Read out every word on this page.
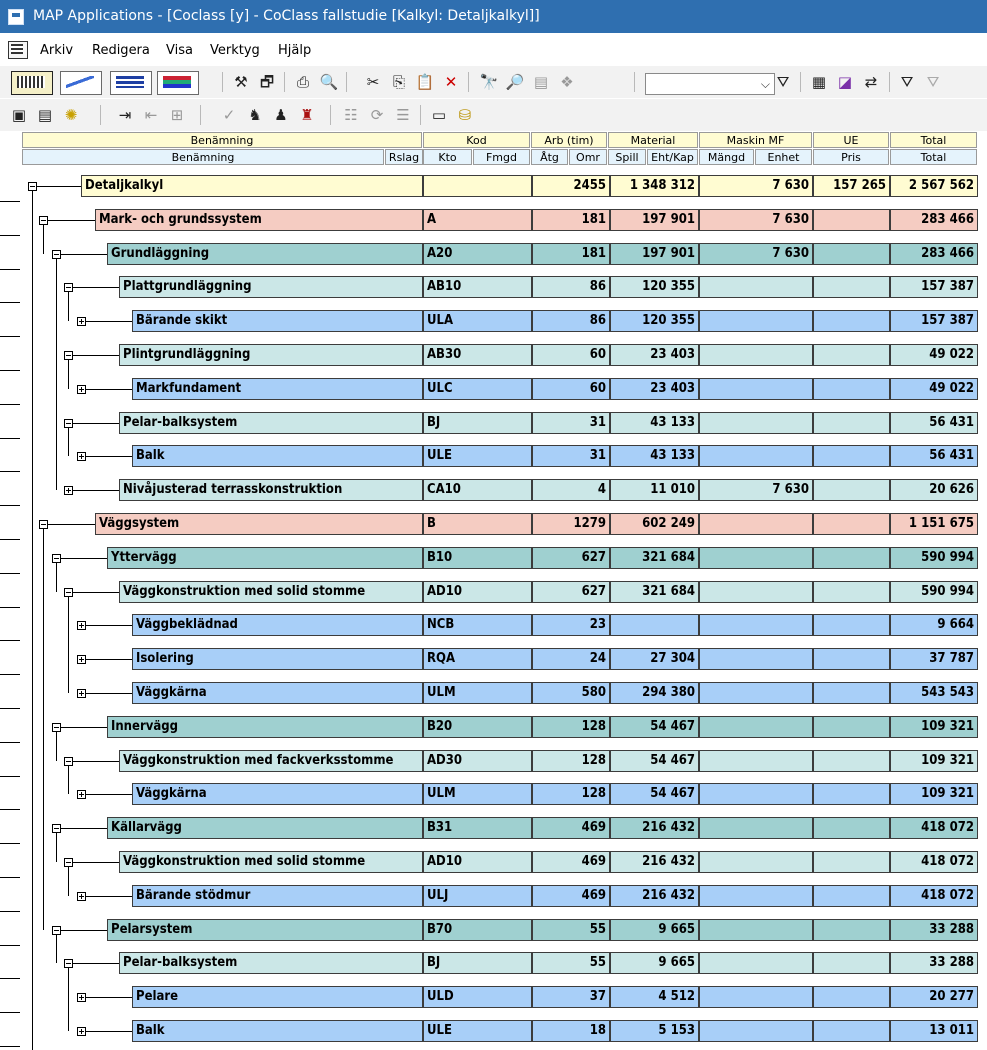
MAP Applications - [Coclass [y] - CoClass fallstudie [Kalkyl: Detaljkalkyl]]
Arkiv Redigera Visa Verktyg Hjälp
⚒ 🗗	⎙ 🔍	✂ ⎘ 📋 ✕	🔭 🔎 ▤ ❖	⌵ ⛛	▦ ◪ ⇄	⛛ ⛛
▣ ▤ ✺	⇥ ⇤ ⊞	✓ ♞ ♟ ♜ ☷ ⟳ ☰ ▭ ⛁
Benämning	Kod	Arb (tim)	Material	Maskin MF	UE	Total
Benämning	Rslag	Kto	Fmgd	Åtg	Omr	Spill	Eht/Kap	Mängd	Enhet	Pris	Total
Detaljkalkyl	2455	1 348 312	7 630	157 265	2 567 562
Mark- och grundssystem	A	181	197 901	7 630	283 466
Grundläggning	A20	181	197 901	7 630	283 466
Plattgrundläggning	AB10	86	120 355	157 387
Bärande skikt	ULA	86	120 355	157 387
Plintgrundläggning	AB30	60	23 403	49 022
Markfundament	ULC	60	23 403	49 022
Pelar-balksystem	BJ	31	43 133	56 431
Balk	ULE	31	43 133	56 431
Nivåjusterad terrasskonstruktion	CA10	4	11 010	7 630	20 626
Väggsystem	B	1279	602 249	1 151 675
Yttervägg	B10	627	321 684	590 994
Väggkonstruktion med solid stomme	AD10	627	321 684	590 994
Väggbeklädnad	NCB	23	9 664
Isolering	RQA	24	27 304	37 787
Väggkärna	ULM	580	294 380	543 543
Innervägg	B20	128	54 467	109 321
Väggkonstruktion med fackverksstomme	AD30	128	54 467	109 321
Väggkärna	ULM	128	54 467	109 321
Källarvägg	B31	469	216 432	418 072
Väggkonstruktion med solid stomme	AD10	469	216 432	418 072
Bärande stödmur	ULJ	469	216 432	418 072
Pelarsystem	B70	55	9 665	33 288
Pelar-balksystem	BJ	55	9 665	33 288
Pelare	ULD	37	4 512	20 277
Balk	ULE	18	5 153	13 011
